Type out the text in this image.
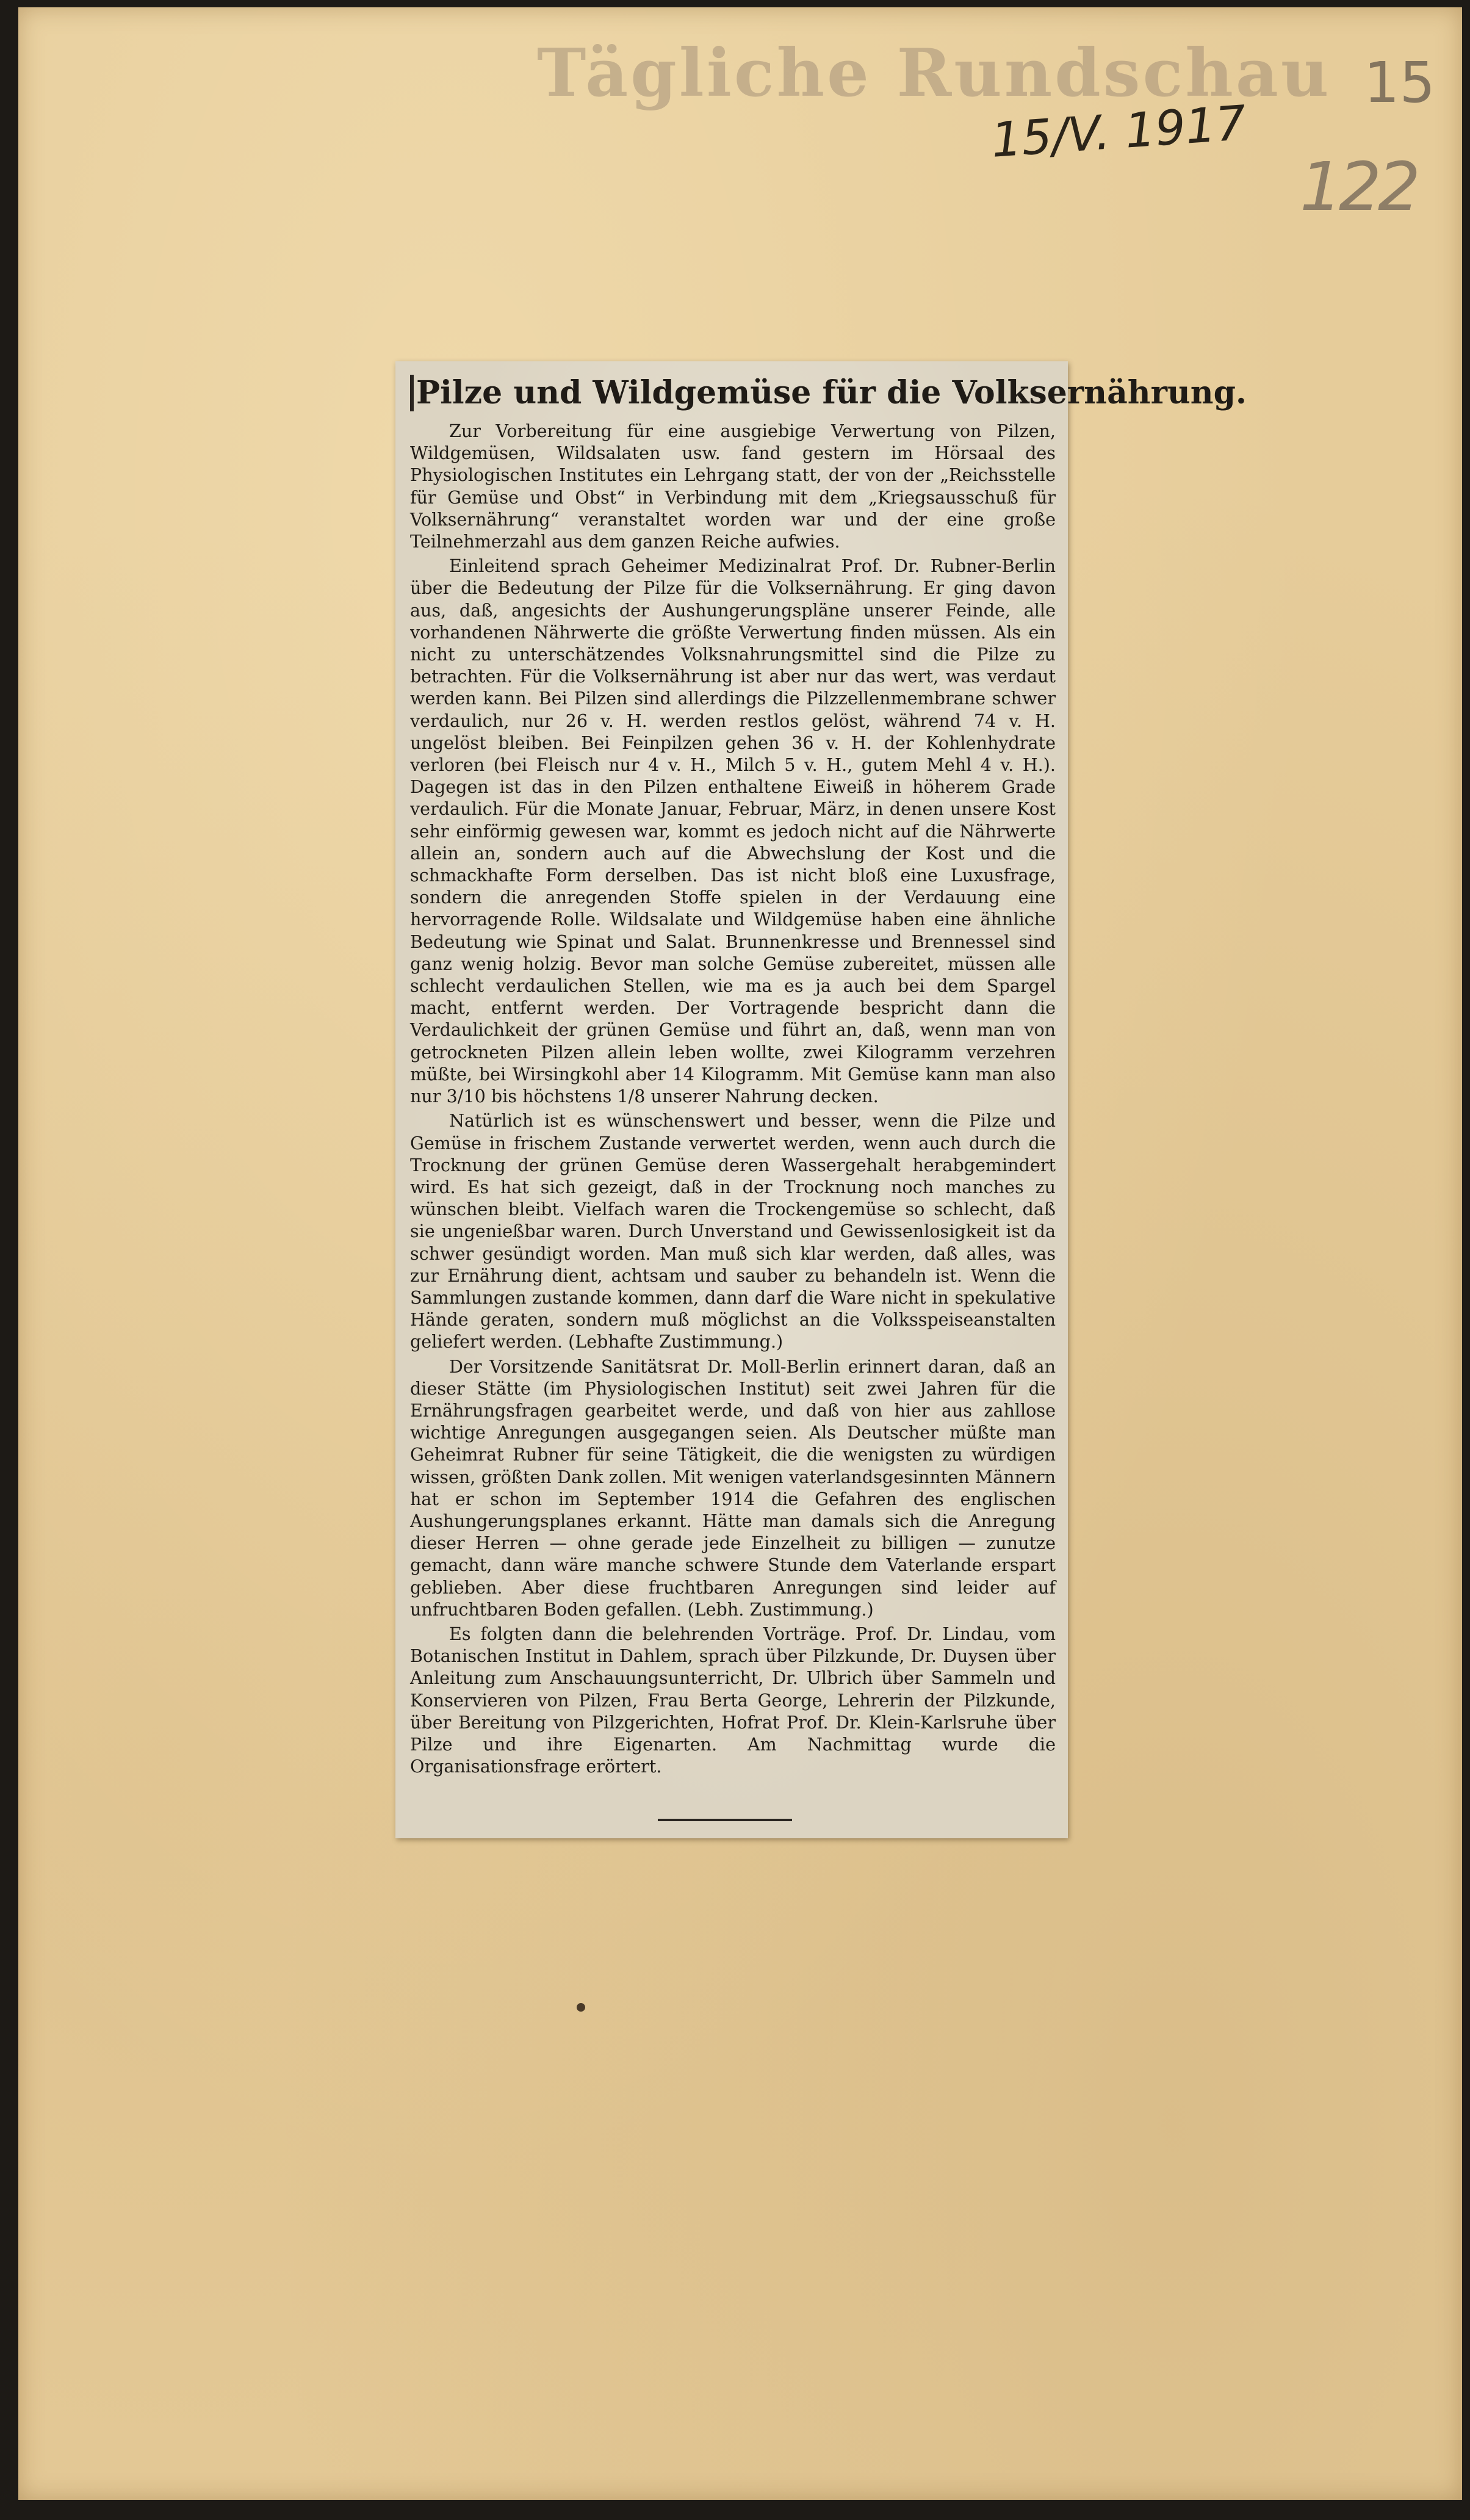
Tägliche Rundschau
15/V. 1917
15
122
Pilze und Wildgemüse für die Volksernährung.

Zur Vorbereitung für eine ausgiebige Verwertung von Pilzen, Wildgemüsen, Wildsalaten usw. fand gestern im Hörsaal des Physiologischen Institutes ein Lehrgang statt, der von der „Reichsstelle für Gemüse und Obst“ in Verbindung mit dem „Kriegsausschuß für Volksernährung“ veranstaltet worden war und der eine große Teilnehmerzahl aus dem ganzen Reiche aufwies.

Einleitend sprach Geheimer Medizinalrat Prof. Dr. Rubner-Berlin über die Bedeutung der Pilze für die Volksernährung. Er ging davon aus, daß, angesichts der Aushungerungspläne unserer Feinde, alle vorhandenen Nährwerte die größte Verwertung finden müssen. Als ein nicht zu unterschätzendes Volksnahrungsmittel sind die Pilze zu betrachten. Für die Volksernährung ist aber nur das wert, was verdaut werden kann. Bei Pilzen sind allerdings die Pilzzellenmembrane schwer verdaulich, nur 26 v. H. werden restlos gelöst, während 74 v. H. ungelöst bleiben. Bei Feinpilzen gehen 36 v. H. der Kohlenhydrate verloren (bei Fleisch nur 4 v. H., Milch 5 v. H., gutem Mehl 4 v. H.). Dagegen ist das in den Pilzen enthaltene Eiweiß in höherem Grade verdaulich. Für die Monate Januar, Februar, März, in denen unsere Kost sehr einförmig gewesen war, kommt es jedoch nicht auf die Nährwerte allein an, sondern auch auf die Abwechslung der Kost und die schmackhafte Form derselben. Das ist nicht bloß eine Luxusfrage, sondern die anregenden Stoffe spielen in der Verdauung eine hervorragende Rolle. Wildsalate und Wildgemüse haben eine ähnliche Bedeutung wie Spinat und Salat. Brunnenkresse und Brennessel sind ganz wenig holzig. Bevor man solche Gemüse zubereitet, müssen alle schlecht verdaulichen Stellen, wie ma es ja auch bei dem Spargel macht, entfernt werden. Der Vortragende bespricht dann die Verdaulichkeit der grünen Gemüse und führt an, daß, wenn man von getrockneten Pilzen allein leben wollte, zwei Kilogramm verzehren müßte, bei Wirsingkohl aber 14 Kilogramm. Mit Gemüse kann man also nur 3/10 bis höchstens 1/8 unserer Nahrung decken.

Natürlich ist es wünschenswert und besser, wenn die Pilze und Gemüse in frischem Zustande verwertet werden, wenn auch durch die Trocknung der grünen Gemüse deren Wassergehalt herabgemindert wird. Es hat sich gezeigt, daß in der Trocknung noch manches zu wünschen bleibt. Vielfach waren die Trockengemüse so schlecht, daß sie ungenießbar waren. Durch Unverstand und Gewissenlosigkeit ist da schwer gesündigt worden. Man muß sich klar werden, daß alles, was zur Ernährung dient, achtsam und sauber zu behandeln ist. Wenn die Sammlungen zustande kommen, dann darf die Ware nicht in spekulative Hände geraten, sondern muß möglichst an die Volksspeiseanstalten geliefert werden. (Lebhafte Zustimmung.)

Der Vorsitzende Sanitätsrat Dr. Moll-Berlin erinnert daran, daß an dieser Stätte (im Physiologischen Institut) seit zwei Jahren für die Ernährungsfragen gearbeitet werde, und daß von hier aus zahllose wichtige Anregungen ausgegangen seien. Als Deutscher müßte man Geheimrat Rubner für seine Tätigkeit, die die wenigsten zu würdigen wissen, größten Dank zollen. Mit wenigen vaterlandsgesinnten Männern hat er schon im September 1914 die Gefahren des englischen Aushungerungsplanes erkannt. Hätte man damals sich die Anregung dieser Herren — ohne gerade jede Einzelheit zu billigen — zunutze gemacht, dann wäre manche schwere Stunde dem Vaterlande erspart geblieben. Aber diese fruchtbaren Anregungen sind leider auf unfruchtbaren Boden gefallen. (Lebh. Zustimmung.)

Es folgten dann die belehrenden Vorträge. Prof. Dr. Lindau, vom Botanischen Institut in Dahlem, sprach über Pilzkunde, Dr. Duysen über Anleitung zum Anschauungsunterricht, Dr. Ulbrich über Sammeln und Konservieren von Pilzen, Frau Berta George, Lehrerin der Pilzkunde, über Bereitung von Pilzgerichten, Hofrat Prof. Dr. Klein-Karlsruhe über Pilze und ihre Eigenarten. Am Nachmittag wurde die Organisationsfrage erörtert.
